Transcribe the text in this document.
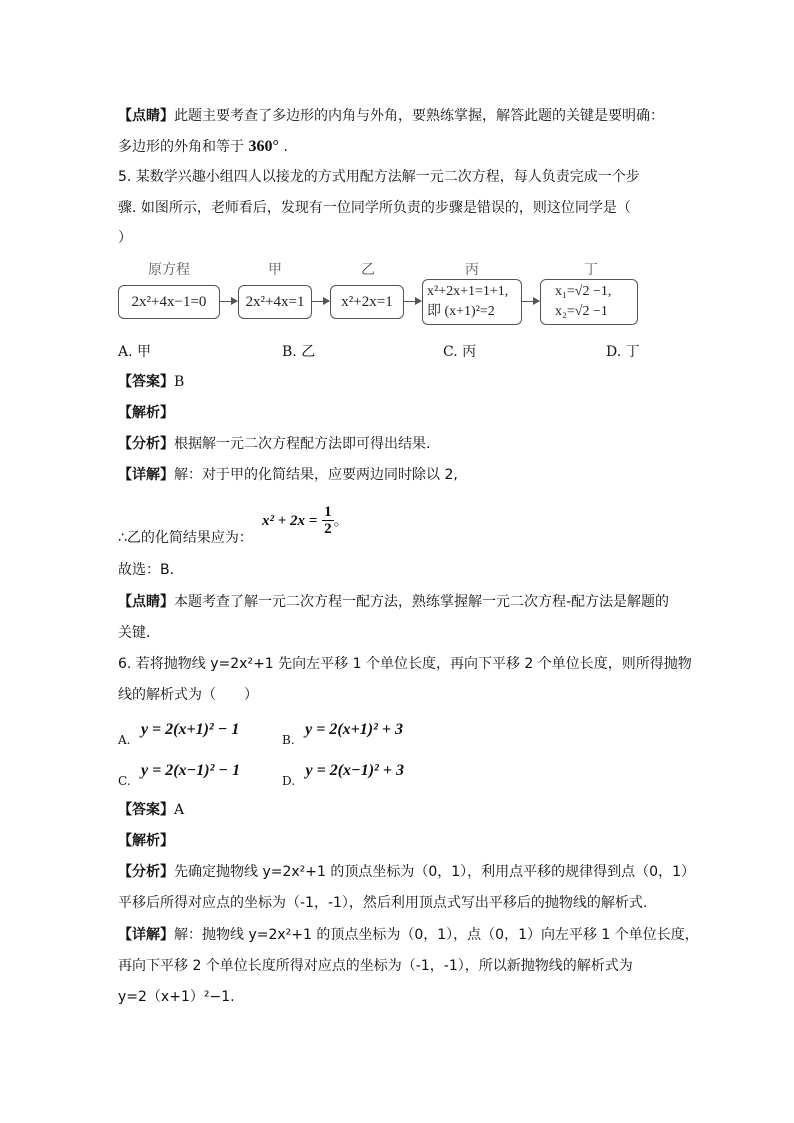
【点睛】此题主要考查了多边形的内角与外角，要熟练掌握，解答此题的关键是要明确：
多边形的外角和等于 360° .
5. 某数学兴趣小组四人以接龙的方式用配方法解一元二次方程，每人负责完成一个步
骤. 如图所示，老师看后，发现有一位同学所负责的步骤是错误的，则这位同学是（
）
原方程	甲	乙	丙	丁
2x²+4x−1=0	2x²+4x=1	x²+2x=1
x²+2x+1=1+1,
即 (x+1)²=2
x₁=√2 −1,
x₂=√2 −1
A. 甲	B. 乙	C. 丙	D. 丁
【答案】B
【解析】
【分析】根据解一元二次方程配方法即可得出结果.
【详解】解：对于甲的化简结果，应要两边同时除以 2,
$x^2 + 2x = \frac{1}{2}$ 。
∴乙的化简结果应为：
故选：B.
【点睛】本题考查了解一元二次方程一配方法，熟练掌握解一元二次方程-配方法是解题的
关键.
6. 若将抛物线 y=2x²+1 先向左平移 1 个单位长度，再向下平移 2 个单位长度，则所得抛物
线的解析式为（　　）
A. y = 2(x+1)² − 1
B. y = 2(x+1)² + 3
C. y = 2(x−1)² − 1
D. y = 2(x−1)² + 3
【答案】A
【解析】
【分析】先确定抛物线 y=2x²+1 的顶点坐标为（0，1），利用点平移的规律得到点（0，1）
平移后所得对应点的坐标为（-1，-1），然后利用顶点式写出平移后的抛物线的解析式.
【详解】解：抛物线 y=2x²+1 的顶点坐标为（0，1），点（0，1）向左平移 1 个单位长度，
再向下平移 2 个单位长度所得对应点的坐标为（-1，-1），所以新抛物线的解析式为
y=2（x+1）²−1.
